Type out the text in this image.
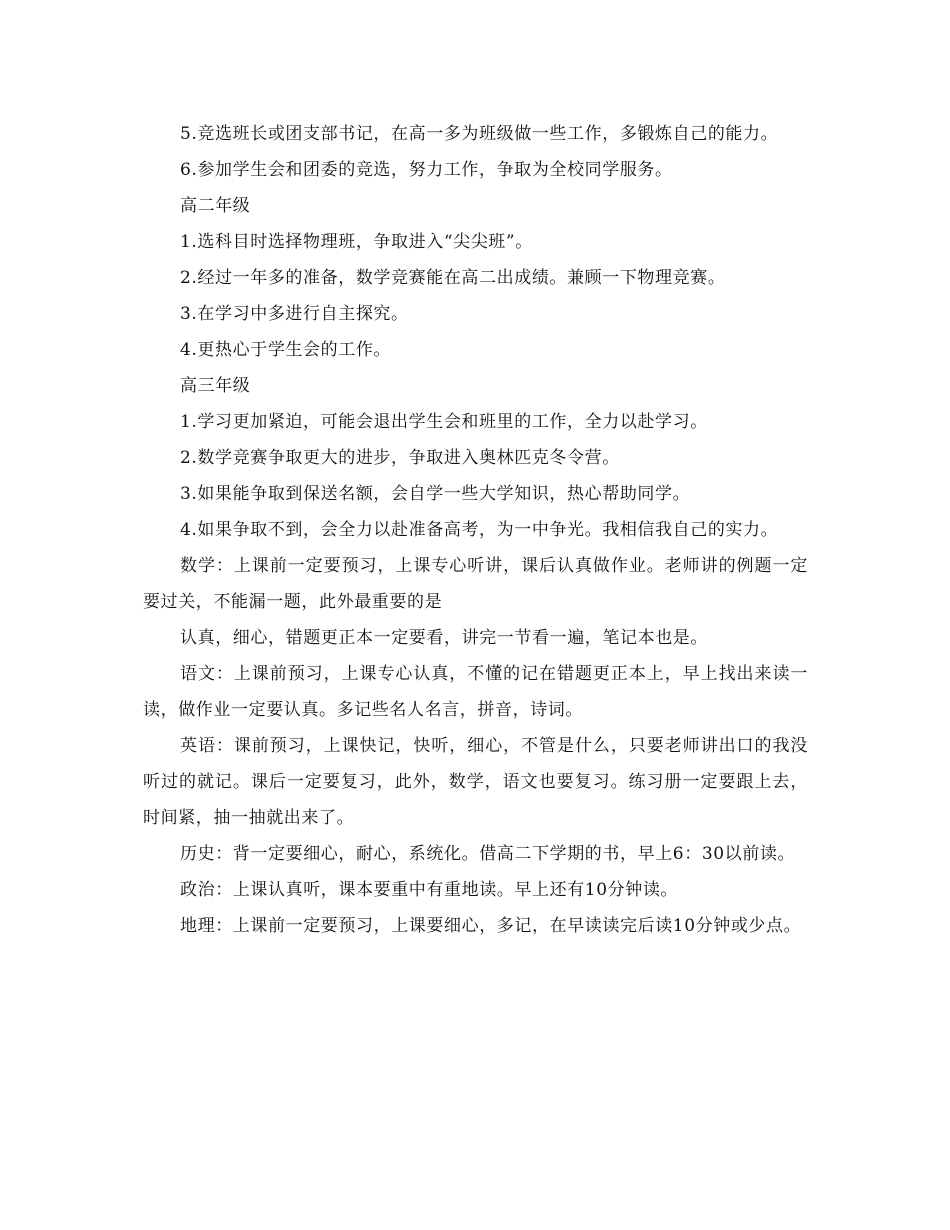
5.竞选班长或团支部书记，在高一多为班级做一些工作，多锻炼自己的能力。

6.参加学生会和团委的竞选，努力工作，争取为全校同学服务。

高二年级

1.选科目时选择物理班，争取进入“尖尖班”。

2.经过一年多的准备，数学竞赛能在高二出成绩。兼顾一下物理竞赛。

3.在学习中多进行自主探究。

4.更热心于学生会的工作。

高三年级

1.学习更加紧迫，可能会退出学生会和班里的工作，全力以赴学习。

2.数学竞赛争取更大的进步，争取进入奥林匹克冬令营。

3.如果能争取到保送名额，会自学一些大学知识，热心帮助同学。

4.如果争取不到，会全力以赴准备高考，为一中争光。我相信我自己的实力。

数学：上课前一定要预习，上课专心听讲，课后认真做作业。老师讲的例题一定要过关，不能漏一题，此外最重要的是

认真，细心，错题更正本一定要看，讲完一节看一遍，笔记本也是。

语文：上课前预习，上课专心认真，不懂的记在错题更正本上，早上找出来读一读，做作业一定要认真。多记些名人名言，拼音，诗词。

英语：课前预习，上课快记，快听，细心，不管是什么，只要老师讲出口的我没听过的就记。课后一定要复习，此外，数学，语文也要复习。练习册一定要跟上去，时间紧，抽一抽就出来了。

历史：背一定要细心，耐心，系统化。借高二下学期的书，早上6：30以前读。

政治：上课认真听，课本要重中有重地读。早上还有10分钟读。

地理：上课前一定要预习，上课要细心，多记，在早读读完后读10分钟或少点。
